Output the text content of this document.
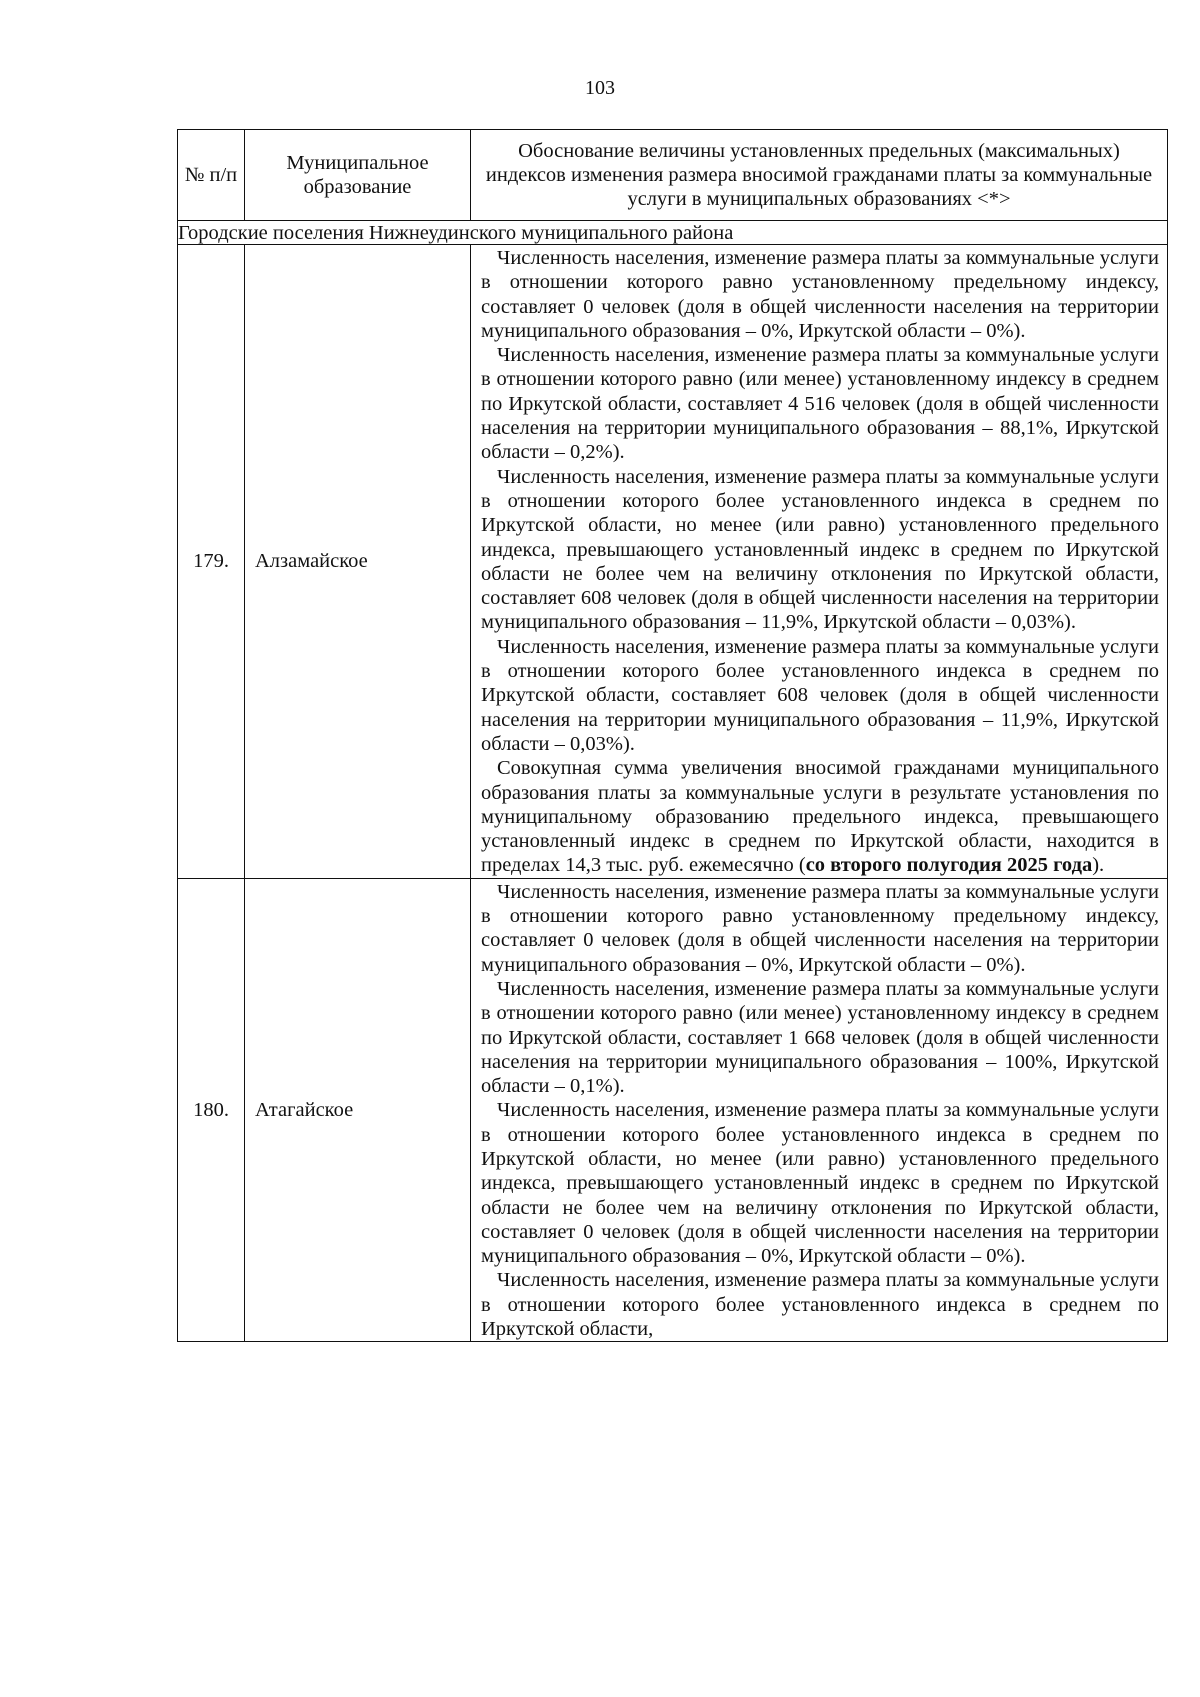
103
№ п/п	Муниципальное образование	Обоснование величины установленных предельных (максимальных) индексов изменения размера вносимой гражданами платы за коммунальные услуги в муниципальных образованиях <*>
Городские поселения Нижнеудинского муниципального района		
179.	Алзамайское	Численность населения, изменение размера платы за коммунальные услуги в отношении которого равно установленному предельному индексу, составляет 0 человек (доля в общей численности населения на территории муниципального образования – 0%, Иркутской области – 0%).

Численность населения, изменение размера платы за коммунальные услуги в отношении которого равно (или менее) установленному индексу в среднем по Иркутской области, составляет 4 516 человек (доля в общей численности населения на территории муниципального образования – 88,1%, Иркутской области – 0,2%).

Численность населения, изменение размера платы за коммунальные услуги в отношении которого более установленного индекса в среднем по Иркутской области, но менее (или равно) установленного предельного индекса, превышающего установленный индекс в среднем по Иркутской области не более чем на величину отклонения по Иркутской области, составляет 608 человек (доля в общей численности населения на территории муниципального образования – 11,9%, Иркутской области – 0,03%).

Численность населения, изменение размера платы за коммунальные услуги в отношении которого более установленного индекса в среднем по Иркутской области, составляет 608 человек (доля в общей численности населения на территории муниципального образования – 11,9%, Иркутской области – 0,03%).

Совокупная сумма увеличения вносимой гражданами муниципального образования платы за коммунальные услуги в результате установления по муниципальному образованию предельного индекса, превышающего установленный индекс в среднем по Иркутской области, находится в пределах 14,3 тыс. руб. ежемесячно (со второго полугодия 2025 года).

180.	Атагайское	Численность населения, изменение размера платы за коммунальные услуги в отношении которого равно установленному предельному индексу, составляет 0 человек (доля в общей численности населения на территории муниципального образования – 0%, Иркутской области – 0%).

Численность населения, изменение размера платы за коммунальные услуги в отношении которого равно (или менее) установленному индексу в среднем по Иркутской области, составляет 1 668 человек (доля в общей численности населения на территории муниципального образования – 100%, Иркутской области – 0,1%).

Численность населения, изменение размера платы за коммунальные услуги в отношении которого более установленного индекса в среднем по Иркутской области, но менее (или равно) установленного предельного индекса, превышающего установленный индекс в среднем по Иркутской области не более чем на величину отклонения по Иркутской области, составляет 0 человек (доля в общей численности населения на территории муниципального образования – 0%, Иркутской области – 0%).

Численность населения, изменение размера платы за коммунальные услуги в отношении которого более установленного индекса в среднем по Иркутской области,
